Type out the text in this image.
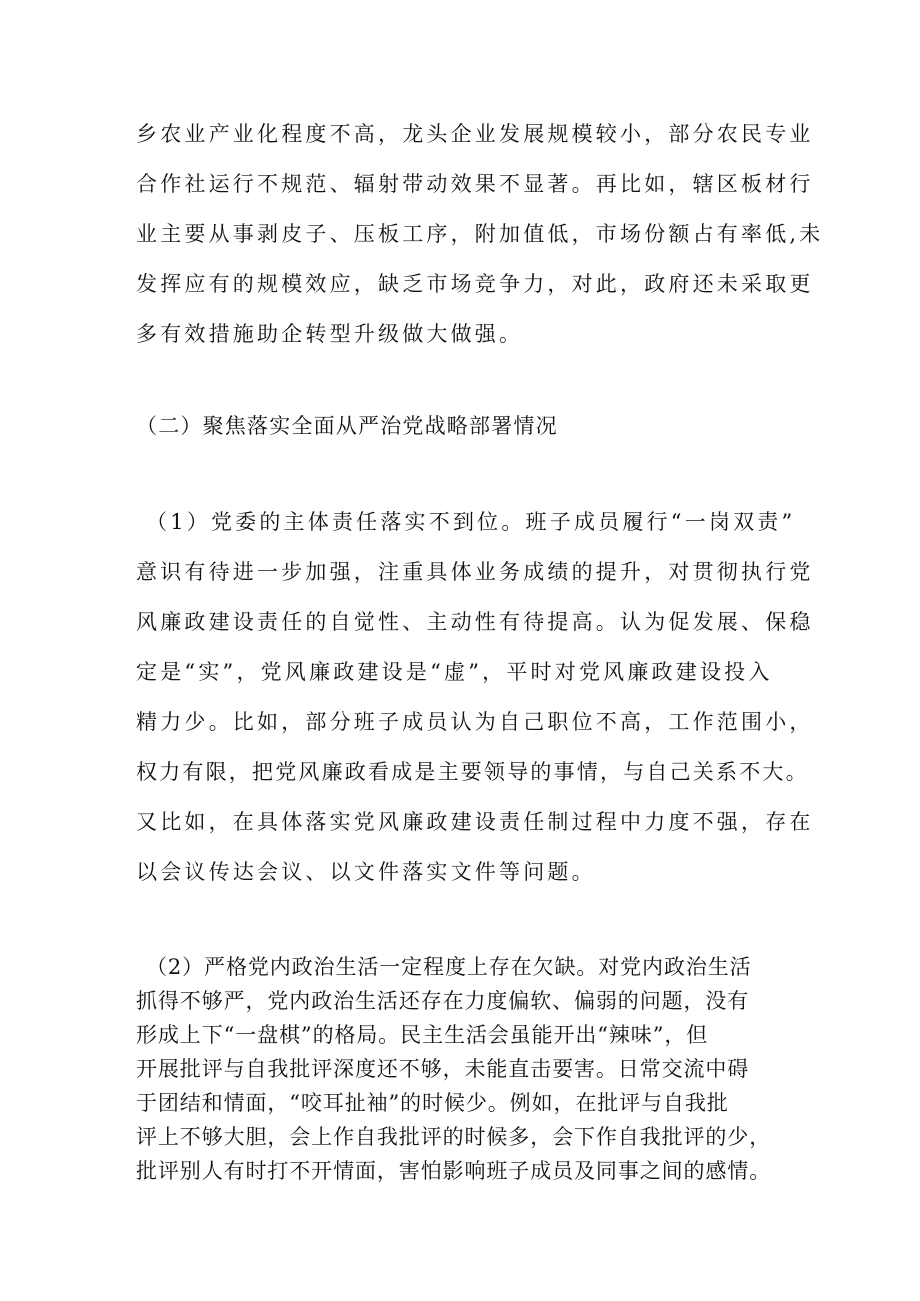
乡农业产业化程度不高，龙头企业发展规模较小，部分农民专业
合作社运行不规范、辐射带动效果不显著。再比如，辖区板材行
业主要从事剥皮子、压板工序，附加值低，市场份额占有率低,未
发挥应有的规模效应，缺乏市场竞争力，对此，政府还未采取更
多有效措施助企转型升级做大做强。
（二）聚焦落实全面从严治党战略部署情况
（1）党委的主体责任落实不到位。班子成员履行“一岗双责”
意识有待进一步加强，注重具体业务成绩的提升，对贯彻执行党
风廉政建设责任的自觉性、主动性有待提高。认为促发展、保稳
定是“实”，党风廉政建设是“虚”，平时对党风廉政建设投入
精力少。比如，部分班子成员认为自己职位不高，工作范围小，
权力有限，把党风廉政看成是主要领导的事情，与自己关系不大。
又比如，在具体落实党风廉政建设责任制过程中力度不强，存在
以会议传达会议、以文件落实文件等问题。
（2）严格党内政治生活一定程度上存在欠缺。对党内政治生活
抓得不够严，党内政治生活还存在力度偏软、偏弱的问题，没有
形成上下“一盘棋”的格局。民主生活会虽能开出“辣味”，但
开展批评与自我批评深度还不够，未能直击要害。日常交流中碍
于团结和情面，“咬耳扯袖”的时候少。例如，在批评与自我批
评上不够大胆，会上作自我批评的时候多，会下作自我批评的少，
批评别人有时打不开情面，害怕影响班子成员及同事之间的感情。
